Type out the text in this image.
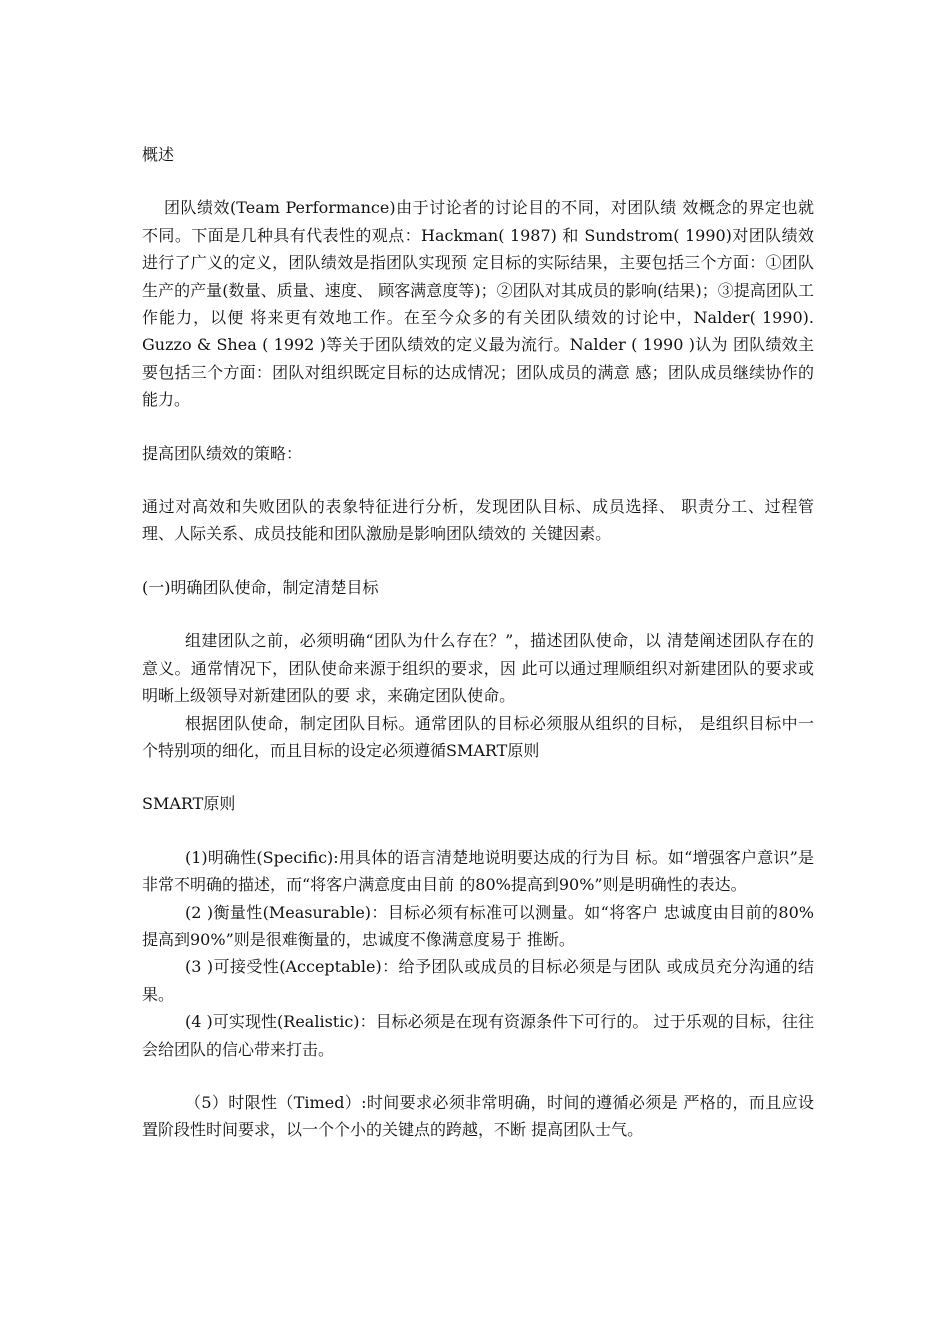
概述

团队绩效(Team Performance)由于讨论者的讨论目的不同，对团队绩 效概念的界定也就不同。下面是几种具有代表性的观点：Hackman( 1987) 和 Sundstrom( 1990)对团队绩效进行了广义的定义，团队绩效是指团队实现预 定目标的实际结果，主要包括三个方面：①团队生产的产量(数量、质量、速度、 顾客满意度等)；②团队对其成员的影响(结果)；③提高团队工作能力，以便 将来更有效地工作。在至今众多的有关团队绩效的讨论中，Nalder( 1990). Guzzo & Shea ( 1992 )等关于团队绩效的定义最为流行。Nalder ( 1990 )认为 团队绩效主要包括三个方面：团队对组织既定目标的达成情况；团队成员的满意 感；团队成员继续协作的能力。

提高团队绩效的策略：

通过对高效和失败团队的表象特征进行分析，发现团队目标、成员选择、 职责分工、过程管理、人际关系、成员技能和团队激励是影响团队绩效的 关键因素。

(一)明确团队使命，制定清楚目标

组建团队之前，必须明确“团队为什么存在？”，描述团队使命，以 清楚阐述团队存在的意义。通常情况下，团队使命来源于组织的要求，因 此可以通过理顺组织对新建团队的要求或明晰上级领导对新建团队的要 求，来确定团队使命。

根据团队使命，制定团队目标。通常团队的目标必须服从组织的目标， 是组织目标中一个特别项的细化，而且目标的设定必须遵循SMART原则

SMART原则

(1)明确性(Specific):用具体的语言清楚地说明要达成的行为目 标。如“增强客户意识”是非常不明确的描述，而“将客户满意度由目前 的80%提高到90%”则是明确性的表达。

(2 )衡量性(Measurable)：目标必须有标准可以测量。如“将客户 忠诚度由目前的80%提高到90%”则是很难衡量的，忠诚度不像满意度易于 推断。

(3 )可接受性(Acceptable)：给予团队或成员的目标必须是与团队 或成员充分沟通的结果。

(4 )可实现性(Realistic)：目标必须是在现有资源条件下可行的。 过于乐观的目标，往往会给团队的信心带来打击。

（5）时限性（Timed）:时间要求必须非常明确，时间的遵循必须是 严格的，而且应设置阶段性时间要求，以一个个小的关键点的跨越，不断 提高团队士气。
